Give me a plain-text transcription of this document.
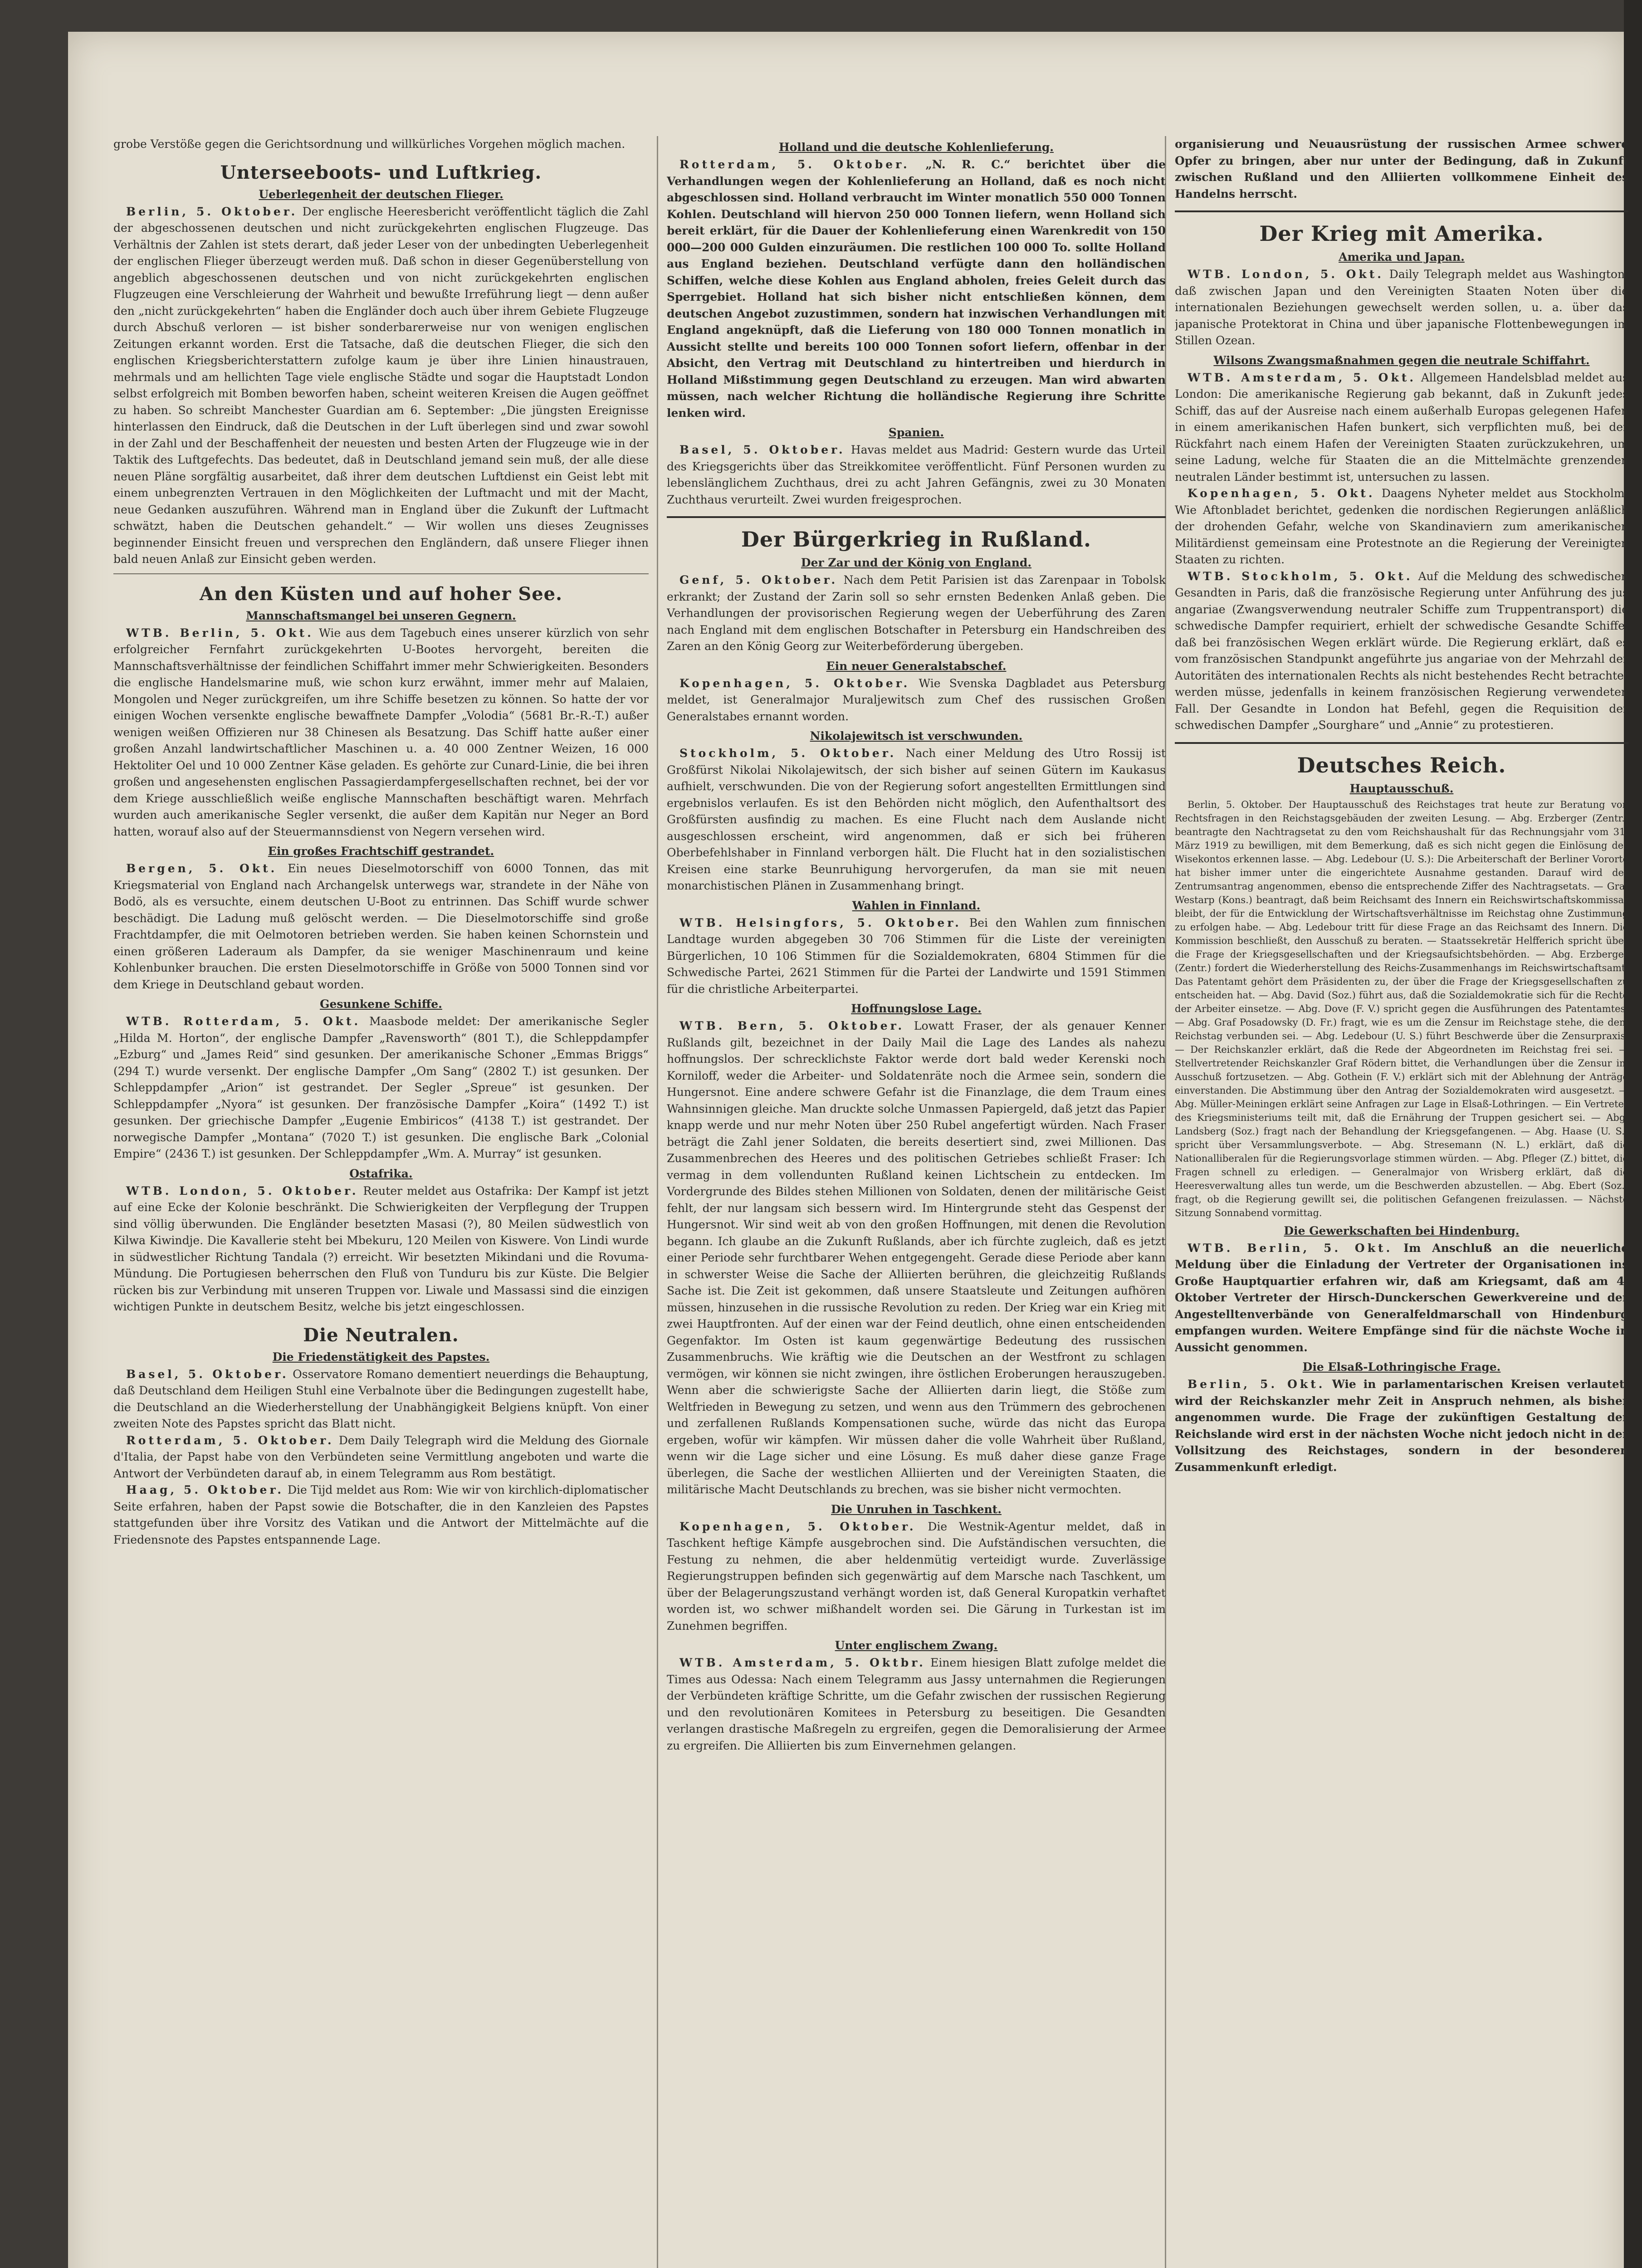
grobe Verstöße gegen die Gerichtsordnung und willkürliches Vorgehen möglich machen.

Unterseeboots- und Luftkrieg.
Ueberlegenheit der deutschen Flieger.

Berlin, 5. Oktober. Der englische Heeresbericht veröffentlicht täglich die Zahl der abgeschossenen deutschen und nicht zurückgekehrten englischen Flugzeuge. Das Verhältnis der Zahlen ist stets derart, daß jeder Leser von der unbedingten Ueberlegenheit der englischen Flieger überzeugt werden muß. Daß schon in dieser Gegenüberstellung von angeblich abgeschossenen deutschen und von nicht zurückgekehrten englischen Flugzeugen eine Verschleierung der Wahrheit und bewußte Irreführung liegt — denn außer den „nicht zurückgekehrten“ haben die Engländer doch auch über ihrem Gebiete Flugzeuge durch Abschuß verloren — ist bisher sonderbarerweise nur von wenigen englischen Zeitungen erkannt worden. Erst die Tatsache, daß die deutschen Flieger, die sich den englischen Kriegsberichterstattern zufolge kaum je über ihre Linien hinaustrauen, mehrmals und am hellichten Tage viele englische Städte und sogar die Hauptstadt London selbst erfolgreich mit Bomben beworfen haben, scheint weiteren Kreisen die Augen geöffnet zu haben. So schreibt Manchester Guardian am 6. September: „Die jüngsten Ereignisse hinterlassen den Eindruck, daß die Deutschen in der Luft überlegen sind und zwar sowohl in der Zahl und der Beschaffenheit der neuesten und besten Arten der Flugzeuge wie in der Taktik des Luftgefechts. Das bedeutet, daß in Deutschland jemand sein muß, der alle diese neuen Pläne sorgfältig ausarbeitet, daß ihrer dem deutschen Luftdienst ein Geist lebt mit einem unbegrenzten Vertrauen in den Möglichkeiten der Luftmacht und mit der Macht, neue Gedanken auszuführen. Während man in England über die Zukunft der Luftmacht schwätzt, haben die Deutschen gehandelt.“ — Wir wollen uns dieses Zeugnisses beginnender Einsicht freuen und versprechen den Engländern, daß unsere Flieger ihnen bald neuen Anlaß zur Einsicht geben werden.

An den Küsten und auf hoher See.
Mannschaftsmangel bei unseren Gegnern.

WTB. Berlin, 5. Okt. Wie aus dem Tagebuch eines unserer kürzlich von sehr erfolgreicher Fernfahrt zurückgekehrten U-Bootes hervorgeht, bereiten die Mannschaftsverhältnisse der feindlichen Schiffahrt immer mehr Schwierigkeiten. Besonders die englische Handelsmarine muß, wie schon kurz erwähnt, immer mehr auf Malaien, Mongolen und Neger zurückgreifen, um ihre Schiffe besetzen zu können. So hatte der vor einigen Wochen versenkte englische bewaffnete Dampfer „Volodia“ (5681 Br.-R.-T.) außer wenigen weißen Offizieren nur 38 Chinesen als Besatzung. Das Schiff hatte außer einer großen Anzahl landwirtschaftlicher Maschinen u. a. 40 000 Zentner Weizen, 16 000 Hektoliter Oel und 10 000 Zentner Käse geladen. Es gehörte zur Cunard-Linie, die bei ihren großen und angesehensten englischen Passagierdampfergesellschaften rechnet, bei der vor dem Kriege ausschließlich weiße englische Mannschaften beschäftigt waren. Mehrfach wurden auch amerikanische Segler versenkt, die außer dem Kapitän nur Neger an Bord hatten, worauf also auf der Steuermannsdienst von Negern versehen wird.

Ein großes Frachtschiff gestrandet.

Bergen, 5. Okt. Ein neues Dieselmotorschiff von 6000 Tonnen, das mit Kriegsmaterial von England nach Archangelsk unterwegs war, strandete in der Nähe von Bodö, als es versuchte, einem deutschen U-Boot zu entrinnen. Das Schiff wurde schwer beschädigt. Die Ladung muß gelöscht werden. — Die Dieselmotorschiffe sind große Frachtdampfer, die mit Oelmotoren betrieben werden. Sie haben keinen Schornstein und einen größeren Laderaum als Dampfer, da sie weniger Maschinenraum und keine Kohlenbunker brauchen. Die ersten Dieselmotorschiffe in Größe von 5000 Tonnen sind vor dem Kriege in Deutschland gebaut worden.

Gesunkene Schiffe.

WTB. Rotterdam, 5. Okt. Maasbode meldet: Der amerikanische Segler „Hilda M. Horton“, der englische Dampfer „Ravensworth“ (801 T.), die Schleppdampfer „Ezburg“ und „James Reid“ sind gesunken. Der amerikanische Schoner „Emmas Briggs“ (294 T.) wurde versenkt. Der englische Dampfer „Om Sang“ (2802 T.) ist gesunken. Der Schleppdampfer „Arion“ ist gestrandet. Der Segler „Spreue“ ist gesunken. Der Schleppdampfer „Nyora“ ist gesunken. Der französische Dampfer „Koira“ (1492 T.) ist gesunken. Der griechische Dampfer „Eugenie Embiricos“ (4138 T.) ist gestrandet. Der norwegische Dampfer „Montana“ (7020 T.) ist gesunken. Die englische Bark „Colonial Empire“ (2436 T.) ist gesunken. Der Schleppdampfer „Wm. A. Murray“ ist gesunken.

Ostafrika.

WTB. London, 5. Oktober. Reuter meldet aus Ostafrika: Der Kampf ist jetzt auf eine Ecke der Kolonie beschränkt. Die Schwierigkeiten der Verpflegung der Truppen sind völlig überwunden. Die Engländer besetzten Masasi (?), 80 Meilen südwestlich von Kilwa Kiwindje. Die Kavallerie steht bei Mbekuru, 120 Meilen von Kiswere. Von Lindi wurde in südwestlicher Richtung Tandala (?) erreicht. Wir besetzten Mikindani und die Rovuma-Mündung. Die Portugiesen beherrschen den Fluß von Tunduru bis zur Küste. Die Belgier rücken bis zur Verbindung mit unseren Truppen vor. Liwale und Massassi sind die einzigen wichtigen Punkte in deutschem Besitz, welche bis jetzt eingeschlossen.

Die Neutralen.
Die Friedenstätigkeit des Papstes.

Basel, 5. Oktober. Osservatore Romano dementiert neuerdings die Behauptung, daß Deutschland dem Heiligen Stuhl eine Verbalnote über die Bedingungen zugestellt habe, die Deutschland an die Wiederherstellung der Unabhängigkeit Belgiens knüpft. Von einer zweiten Note des Papstes spricht das Blatt nicht.

Rotterdam, 5. Oktober. Dem Daily Telegraph wird die Meldung des Giornale d'Italia, der Papst habe von den Verbündeten seine Vermittlung angeboten und warte die Antwort der Verbündeten darauf ab, in einem Telegramm aus Rom bestätigt.

Haag, 5. Oktober. Die Tijd meldet aus Rom: Wie wir von kirchlich-diplomatischer Seite erfahren, haben der Papst sowie die Botschafter, die in den Kanzleien des Papstes stattgefunden über ihre Vorsitz des Vatikan und die Antwort der Mittelmächte auf die Friedensnote des Papstes entspannende Lage.

Holland und die deutsche Kohlenlieferung.

Rotterdam, 5. Oktober. „N. R. C.“ berichtet über die Verhandlungen wegen der Kohlenlieferung an Holland, daß es noch nicht abgeschlossen sind. Holland verbraucht im Winter monatlich 550 000 Tonnen Kohlen. Deutschland will hiervon 250 000 Tonnen liefern, wenn Holland sich bereit erklärt, für die Dauer der Kohlenlieferung einen Warenkredit von 150 000—200 000 Gulden einzuräumen. Die restlichen 100 000 To. sollte Holland aus England beziehen. Deutschland verfügte dann den holländischen Schiffen, welche diese Kohlen aus England abholen, freies Geleit durch das Sperrgebiet. Holland hat sich bisher nicht entschließen können, dem deutschen Angebot zuzustimmen, sondern hat inzwischen Verhandlungen mit England angeknüpft, daß die Lieferung von 180 000 Tonnen monatlich in Aussicht stellte und bereits 100 000 Tonnen sofort liefern, offenbar in der Absicht, den Vertrag mit Deutschland zu hintertreiben und hierdurch in Holland Mißstimmung gegen Deutschland zu erzeugen. Man wird abwarten müssen, nach welcher Richtung die holländische Regierung ihre Schritte lenken wird.

Spanien.

Basel, 5. Oktober. Havas meldet aus Madrid: Gestern wurde das Urteil des Kriegsgerichts über das Streikkomitee veröffentlicht. Fünf Personen wurden zu lebenslänglichem Zuchthaus, drei zu acht Jahren Gefängnis, zwei zu 30 Monaten Zuchthaus verurteilt. Zwei wurden freigesprochen.

Der Bürgerkrieg in Rußland.
Der Zar und der König von England.

Genf, 5. Oktober. Nach dem Petit Parisien ist das Zarenpaar in Tobolsk erkrankt; der Zustand der Zarin soll so sehr ernsten Bedenken Anlaß geben. Die Verhandlungen der provisorischen Regierung wegen der Ueberführung des Zaren nach England mit dem englischen Botschafter in Petersburg ein Handschreiben des Zaren an den König Georg zur Weiterbeförderung übergeben.

Ein neuer Generalstabschef.

Kopenhagen, 5. Oktober. Wie Svenska Dagbladet aus Petersburg meldet, ist Generalmajor Muraljewitsch zum Chef des russischen Großen Generalstabes ernannt worden.

Nikolajewitsch ist verschwunden.

Stockholm, 5. Oktober. Nach einer Meldung des Utro Rossij ist Großfürst Nikolai Nikolajewitsch, der sich bisher auf seinen Gütern im Kaukasus aufhielt, verschwunden. Die von der Regierung sofort angestellten Ermittlungen sind ergebnislos verlaufen. Es ist den Behörden nicht möglich, den Aufenthaltsort des Großfürsten ausfindig zu machen. Es eine Flucht nach dem Auslande nicht ausgeschlossen erscheint, wird angenommen, daß er sich bei früheren Oberbefehlshaber in Finnland verborgen hält. Die Flucht hat in den sozialistischen Kreisen eine starke Beunruhigung hervorgerufen, da man sie mit neuen monarchistischen Plänen in Zusammenhang bringt.

Wahlen in Finnland.

WTB. Helsingfors, 5. Oktober. Bei den Wahlen zum finnischen Landtage wurden abgegeben 30 706 Stimmen für die Liste der vereinigten Bürgerlichen, 10 106 Stimmen für die Sozialdemokraten, 6804 Stimmen für die Schwedische Partei, 2621 Stimmen für die Partei der Landwirte und 1591 Stimmen für die christliche Arbeiterpartei.

Hoffnungslose Lage.

WTB. Bern, 5. Oktober. Lowatt Fraser, der als genauer Kenner Rußlands gilt, bezeichnet in der Daily Mail die Lage des Landes als nahezu hoffnungslos. Der schrecklichste Faktor werde dort bald weder Kerenski noch Korniloff, weder die Arbeiter- und Soldatenräte noch die Armee sein, sondern die Hungersnot. Eine andere schwere Gefahr ist die Finanzlage, die dem Traum eines Wahnsinnigen gleiche. Man druckte solche Unmassen Papiergeld, daß jetzt das Papier knapp werde und nur mehr Noten über 250 Rubel angefertigt würden. Nach Fraser beträgt die Zahl jener Soldaten, die bereits desertiert sind, zwei Millionen. Das Zusammenbrechen des Heeres und des politischen Getriebes schließt Fraser: Ich vermag in dem vollendunten Rußland keinen Lichtschein zu entdecken. Im Vordergrunde des Bildes stehen Millionen von Soldaten, denen der militärische Geist fehlt, der nur langsam sich bessern wird. Im Hintergrunde steht das Gespenst der Hungersnot. Wir sind weit ab von den großen Hoffnungen, mit denen die Revolution begann. Ich glaube an die Zukunft Rußlands, aber ich fürchte zugleich, daß es jetzt einer Periode sehr furchtbarer Wehen entgegengeht. Gerade diese Periode aber kann in schwerster Weise die Sache der Alliierten berühren, die gleichzeitig Rußlands Sache ist. Die Zeit ist gekommen, daß unsere Staatsleute und Zeitungen aufhören müssen, hinzusehen in die russische Revolution zu reden. Der Krieg war ein Krieg mit zwei Hauptfronten. Auf der einen war der Feind deutlich, ohne einen entscheidenden Gegenfaktor. Im Osten ist kaum gegenwärtige Bedeutung des russischen Zusammenbruchs. Wie kräftig wie die Deutschen an der Westfront zu schlagen vermögen, wir können sie nicht zwingen, ihre östlichen Eroberungen herauszugeben. Wenn aber die schwierigste Sache der Alliierten darin liegt, die Stöße zum Weltfrieden in Bewegung zu setzen, und wenn aus den Trümmern des gebrochenen und zerfallenen Rußlands Kompensationen suche, würde das nicht das Europa ergeben, wofür wir kämpfen. Wir müssen daher die volle Wahrheit über Rußland, wenn wir die Lage sicher und eine Lösung. Es muß daher diese ganze Frage überlegen, die Sache der westlichen Alliierten und der Vereinigten Staaten, die militärische Macht Deutschlands zu brechen, was sie bisher nicht vermochten.

Die Unruhen in Taschkent.

Kopenhagen, 5. Oktober. Die Westnik-Agentur meldet, daß in Taschkent heftige Kämpfe ausgebrochen sind. Die Aufständischen versuchten, die Festung zu nehmen, die aber heldenmütig verteidigt wurde. Zuverlässige Regierungstruppen befinden sich gegenwärtig auf dem Marsche nach Taschkent, um über der Belagerungszustand verhängt worden ist, daß General Kuropatkin verhaftet worden ist, wo schwer mißhandelt worden sei. Die Gärung in Turkestan ist im Zunehmen begriffen.

Unter englischem Zwang.

WTB. Amsterdam, 5. Oktbr. Einem hiesigen Blatt zufolge meldet die Times aus Odessa: Nach einem Telegramm aus Jassy unternahmen die Regierungen der Verbündeten kräftige Schritte, um die Gefahr zwischen der russischen Regierung und den revolutionären Komitees in Petersburg zu beseitigen. Die Gesandten verlangen drastische Maßregeln zu ergreifen, gegen die Demoralisierung der Armee zu ergreifen. Die Alliierten bis zum Einvernehmen gelangen.

organisierung und Neuausrüstung der russischen Armee schwere Opfer zu bringen, aber nur unter der Bedingung, daß in Zukunft zwischen Rußland und den Alliierten vollkommene Einheit des Handelns herrscht.

Der Krieg mit Amerika.
Amerika und Japan.

WTB. London, 5. Okt. Daily Telegraph meldet aus Washington, daß zwischen Japan und den Vereinigten Staaten Noten über die internationalen Beziehungen gewechselt werden sollen, u. a. über das japanische Protektorat in China und über japanische Flottenbewegungen im Stillen Ozean.

Wilsons Zwangsmaßnahmen gegen die neutrale Schiffahrt.

WTB. Amsterdam, 5. Okt. Allgemeen Handelsblad meldet aus London: Die amerikanische Regierung gab bekannt, daß in Zukunft jedes Schiff, das auf der Ausreise nach einem außerhalb Europas gelegenen Hafen in einem amerikanischen Hafen bunkert, sich verpflichten muß, bei der Rückfahrt nach einem Hafen der Vereinigten Staaten zurückzukehren, um seine Ladung, welche für Staaten die an die Mittelmächte grenzenden neutralen Länder bestimmt ist, untersuchen zu lassen.

Kopenhagen, 5. Okt. Daagens Nyheter meldet aus Stockholm: Wie Aftonbladet berichtet, gedenken die nordischen Regierungen anläßlich der drohenden Gefahr, welche von Skandinaviern zum amerikanischen Militärdienst gemeinsam eine Protestnote an die Regierung der Vereinigten Staaten zu richten.

WTB. Stockholm, 5. Okt. Auf die Meldung des schwedischen Gesandten in Paris, daß die französische Regierung unter Anführung des jus angariae (Zwangsverwendung neutraler Schiffe zum Truppentransport) die schwedische Dampfer requiriert, erhielt der schwedische Gesandte Schiffe, daß bei französischen Wegen erklärt würde. Die Regierung erklärt, daß es vom französischen Standpunkt angeführte jus angariae von der Mehrzahl der Autoritäten des internationalen Rechts als nicht bestehendes Recht betrachtet werden müsse, jedenfalls in keinem französischen Regierung verwendeten Fall. Der Gesandte in London hat Befehl, gegen die Requisition der schwedischen Dampfer „Sourghare“ und „Annie“ zu protestieren.

Deutsches Reich.
Hauptausschuß.

Berlin, 5. Oktober. Der Hauptausschuß des Reichstages trat heute zur Beratung von Rechtsfragen in den Reichstagsgebäuden der zweiten Lesung. — Abg. Erzberger (Zentr.) beantragte den Nachtragsetat zu den vom Reichshaushalt für das Rechnungsjahr vom 31. März 1919 zu bewilligen, mit dem Bemerkung, daß es sich nicht gegen die Einlösung des Wisekontos erkennen lasse. — Abg. Ledebour (U. S.): Die Arbeiterschaft der Berliner Vororte hat bisher immer unter die eingerichtete Ausnahme gestanden. Darauf wird der Zentrumsantrag angenommen, ebenso die entsprechende Ziffer des Nachtragsetats. — Graf Westarp (Kons.) beantragt, daß beim Reichsamt des Innern ein Reichswirtschaftskommissar bleibt, der für die Entwicklung der Wirtschaftsverhältnisse im Reichstag ohne Zustimmung zu erfolgen habe. — Abg. Ledebour tritt für diese Frage an das Reichsamt des Innern. Die Kommission beschließt, den Ausschuß zu beraten. — Staatssekretär Helfferich spricht über die Frage der Kriegsgesellschaften und der Kriegsaufsichtsbehörden. — Abg. Erzberger (Zentr.) fordert die Wiederherstellung des Reichs-Zusammenhangs im Reichswirtschaftsamt. Das Patentamt gehört dem Präsidenten zu, der über die Frage der Kriegsgesellschaften zu entscheiden hat. — Abg. David (Soz.) führt aus, daß die Sozialdemokratie sich für die Rechte der Arbeiter einsetze. — Abg. Dove (F. V.) spricht gegen die Ausführungen des Patentamtes. — Abg. Graf Posadowsky (D. Fr.) fragt, wie es um die Zensur im Reichstage stehe, die dem Reichstag verbunden sei. — Abg. Ledebour (U. S.) führt Beschwerde über die Zensurpraxis. — Der Reichskanzler erklärt, daß die Rede der Abgeordneten im Reichstag frei sei. — Stellvertretender Reichskanzler Graf Rödern bittet, die Verhandlungen über die Zensur im Ausschuß fortzusetzen. — Abg. Gothein (F. V.) erklärt sich mit der Ablehnung der Anträge einverstanden. Die Abstimmung über den Antrag der Sozialdemokraten wird ausgesetzt. — Abg. Müller-Meiningen erklärt seine Anfragen zur Lage in Elsaß-Lothringen. — Ein Vertreter des Kriegsministeriums teilt mit, daß die Ernährung der Truppen gesichert sei. — Abg. Landsberg (Soz.) fragt nach der Behandlung der Kriegsgefangenen. — Abg. Haase (U. S.) spricht über Versammlungsverbote. — Abg. Stresemann (N. L.) erklärt, daß die Nationalliberalen für die Regierungsvorlage stimmen würden. — Abg. Pfleger (Z.) bittet, die Fragen schnell zu erledigen. — Generalmajor von Wrisberg erklärt, daß die Heeresverwaltung alles tun werde, um die Beschwerden abzustellen. — Abg. Ebert (Soz.) fragt, ob die Regierung gewillt sei, die politischen Gefangenen freizulassen. — Nächste Sitzung Sonnabend vormittag.

Die Gewerkschaften bei Hindenburg.

WTB. Berlin, 5. Okt. Im Anschluß an die neuerliche Meldung über die Einladung der Vertreter der Organisationen ins Große Hauptquartier erfahren wir, daß am Kriegsamt, daß am 4. Oktober Vertreter der Hirsch-Dunckerschen Gewerkvereine und der Angestelltenverbände von Generalfeldmarschall von Hindenburg empfangen wurden. Weitere Empfänge sind für die nächste Woche in Aussicht genommen.

Die Elsaß-Lothringische Frage.

Berlin, 5. Okt. Wie in parlamentarischen Kreisen verlautet, wird der Reichskanzler mehr Zeit in Anspruch nehmen, als bisher angenommen wurde. Die Frage der zukünftigen Gestaltung der Reichslande wird erst in der nächsten Woche nicht jedoch nicht in der Vollsitzung des Reichstages, sondern in der besonderen Zusammenkunft erledigt.
